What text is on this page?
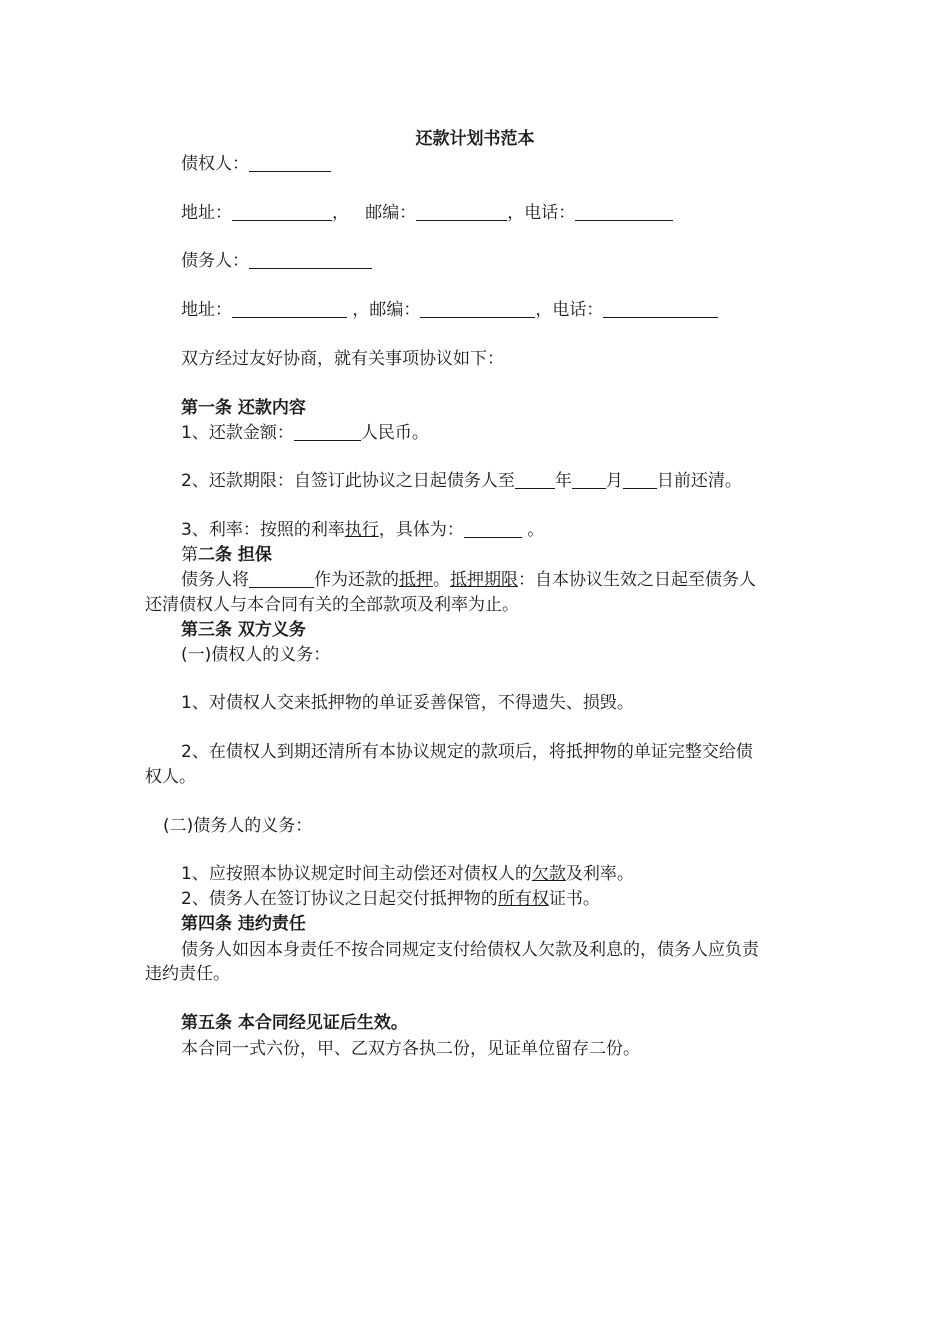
还款计划书范本
债权人：
地址：	， 邮编：	，电话：
债务人：
地址：	，邮编：	，电话：
双方经过友好协商，就有关事项协议如下：
第一条 还款内容
1、还款金额：	人民币。
2、还款期限：自签订此协议之日起债务人至 年 月 日前还清。
3、利率：按照的利率执行，具体为：	。
第二条 担保
债务人将	作为还款的抵押。抵押期限：自本协议生效之日起至债务人
还清债权人与本合同有关的全部款项及利率为止。
第三条 双方义务
(一)债权人的义务：
1、对债权人交来抵押物的单证妥善保管，不得遗失、损毁。
2、在债权人到期还清所有本协议规定的款项后，将抵押物的单证完整交给债
权人。
(二)债务人的义务：
1、应按照本协议规定时间主动偿还对债权人的欠款及利率。
2、债务人在签订协议之日起交付抵押物的所有权证书。
第四条 违约责任
债务人如因本身责任不按合同规定支付给债权人欠款及利息的，债务人应负责
违约责任。
第五条 本合同经见证后生效。
本合同一式六份，甲、乙双方各执二份，见证单位留存二份。
